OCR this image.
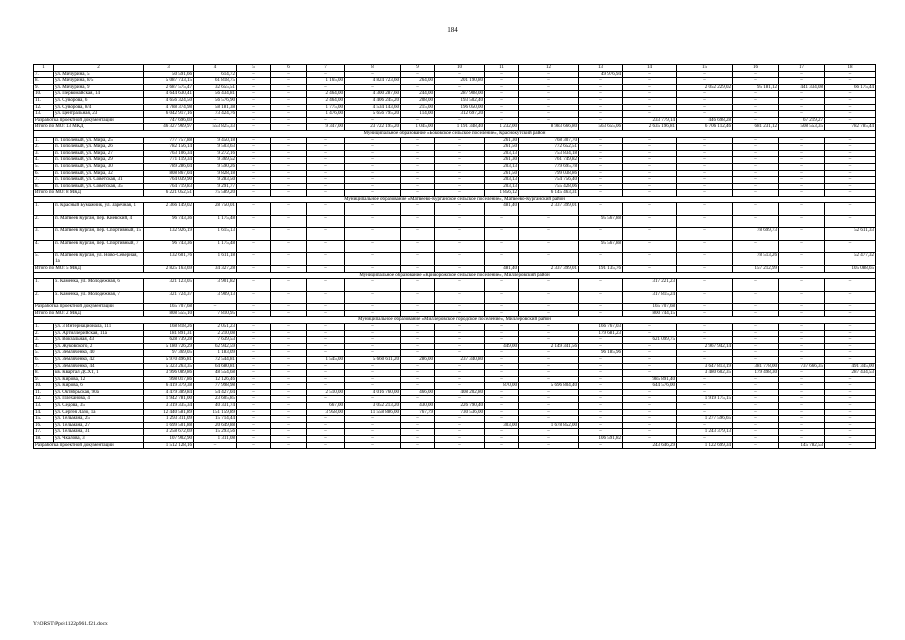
184
1	2	3	4	5	6	7	8	9	10	11	12	13	14	15	16	17	18
7.	ул. Мичурина, 5	50 591,66	614,72	–	–	–	–	–	–	–	–	49 976,94	–	–	–	–	–
8.	ул. Мичурина, 8/5	5 087 733,15	61 818,75	–	–	1 165,00	4 824 723,60	264,00	201 190,80	–	–	–	–	–	–	–	–
9.	ул. Мичурина, 9	2 687 575,47	32 655,51	–	–	–	–	–	–	–	–	–	–	2 052 229,02	95 181,12	441 334,08	66 175,44
10.	ул. Первомайская, 14	4 644 630,41	56 434,81	–	–	2 464,00	4 300 287,60	244,00	287 908,00	–	–	–	–	–	–	–	–
11.	ул. Суворова, 6	4 656 324,50	56 576,90	–	–	2 464,00	4 406 245,20	208,00	193 502,40	–	–	–	–	–	–	–	–
12.	ул. Суворова, 8/4	4 788 374,98	58 181,38	–	–	1 775,00	4 534 143,60	215,00	196 050,00	–	–	–	–	–	–	–	–
13.	ул. Центральная, 23	6 042 917,16	73 424,76	–	–	1 476,00	5 656 795,20	114,00	312 697,20	–	–	–	–	–	–	–	–
Разработка проектной документации		747 696,69	–	–	–	–	–	–	–	–	–	–	233 779,14	446 698,28	–	67 219,27	–
Итого по МО: 13 МКД		46 327 969,97	553 825,33	–	–	9 347,00	23 722 195,20	1 045,00	1 191 348,40	1 232,00	8 983 666,80	563 655,06	2 635 196,81	6 706 112,46	681 231,12	508 553,35	782 785,44
Муниципальное образование «Боковское сельское поселение», Краснокутский район																	
1.	п. Тополевый, ул. Мира, 25	777 757,88	9 450,18	–	–	–	–	–	–	261,30	768 307,70	–	–	–	–	–	–
2.	п. Тополевый, ул. Мира, 26	782 156,14	9 503,63	–	–	–	–	–	–	261,50	772 652,51	–	–	–	–	–	–
3.	п. Тополевый, ул. Мира, 27	763 106,34	9 272,16	–	–	–	–	–	–	203,13	753 834,18	–	–	–	–	–	–
4.	п. Тополевый, ул. Мира, 29	771 119,34	9 369,52	–	–	–	–	–	–	261,30	761 749,82	–	–	–	–	–	–
5.	п. Тополевый, ул. Мира, 30	789 286,04	9 590,26	–	–	–	–	–	–	203,13	779 695,78	–	–	–	–	–	–
6.	п. Тополевый, ул. Мира, 32	808 867,04	9 828,18	–	–	–	–	–	–	261,50	799 038,86	–	–	–	–	–	–
7.	п. Тополевый, ул. Советская, 31	764 039,90	9 283,50	–	–	–	–	–	–	203,13	754 756,40	–	–	–	–	–	–
8.	п. Тополевый, ул. Советская, 35	764 719,83	9 291,77	–	–	–	–	–	–	203,13	755 428,06	–	–	–	–	–	–
Итого по МО: 8 МКД		6 221 052,51	75 589,20	–	–	–	–	–	–	1 856,12	6 145 463,31	–	–	–	–	–	–
Муниципальное образование «Матвеево-Курганское сельское поселение», Матвеево-Курганский район																	
1.	п. Красный Бумажник, ул. Заречная, 1	2 366 149,02	28 750,01	–	–	–	–	–	–	481,40	2 337 399,01	–	–	–	–	–	–
2.	п. Матвеев Курган, пер. Киевский, 4	96 743,36	1 175,48	–	–	–	–	–	–	–	–	95 567,88	–	–	–	–	–
3.	п. Матвеев Курган, пер. Спортивный, 15	132 926,19	1 615,13	–	–	–	–	–	–	–	–	–	–	–	78 699,73	–	52 611,33
4.	п. Матвеев Курган, пер. Спортивный, 7	96 743,36	1 175,48	–	–	–	–	–	–	–	–	95 567,88	–	–	–	–	–
5.	п. Матвеев Курган, ул. Ново-Северная, 1а	132 601,76	1 611,18	–	–	–	–	–	–	–	–	–	–	–	78 513,26	–	52 477,32
Итого по МО: 5 МКД		2 825 163,69	34 327,28	–	–	–	–	–	–	481,40	2 337 399,01	191 135,76	–	–	157 212,99	–	105 088,65
Муниципальное образование «Криворожское сельское поселение», Миллеровский район																	
1.	х. Каменка, ул. Молодежная, 6	321 123,05	3 901,82	–	–	–	–	–	–	–	–	–	317 221,23	–	–	–	–
2.	х. Каменка, ул. Молодежная, 7	321 724,37	3 909,13	–	–	–	–	–	–	–	–	–	317 815,24	–	–	–	–
Разработка проектной документации		165 707,68	–	–	–	–	–	–	–	–	–	–	165 707,68	–	–	–	–
Итого по МО: 2 МКД		808 555,10	7 810,95	–	–	–	–	–	–	–	–	–	800 744,15	–	–	–	–
Муниципальное образование «Миллеровское городское поселение», Миллеровский район																	
1.	ул. 3 Интернационала, 111	168 818,26	2 051,23	–	–	–	–	–	–	–	–	166 767,03	–	–	–	–	–
2.	ул. Артиллерийская, 11а	181 891,31	2 210,08	–	–	–	–	–	–	–	–	179 681,23	–	–	–	–	–
3.	ул. Вокзальная, 43	628 739,28	7 639,53	–	–	–	–	–	–	–	–	–	621 099,75	–	–	–	–
4.	ул. Жуковского, 2	5 180 726,29	62 942,59	–	–	–	–	–	–	449,00	2 149 341,56	–	–	2 967 942,14	–	–	–
5.	ул. Земляченко, 40	97 369,05	1 183,09	–	–	–	–	–	–	–	–	96 185,96	–	–	–	–	–
6.	ул. Земляченко, 42	5 970 496,81	72 544,81	–	–	1 545,00	5 660 611,20	286,00	237 340,80	–	–	–	–	–	–	–	–
7.	ул. Земляченко, 44	5 323 263,35	64 680,81	–	–	–	–	–	–	–	–	–	–	3 647 813,19	381 778,00	737 666,35	491 345,00
8.	кв. Квартал ДСХТ, 1	3 996 089,86	48 554,68	–	–	–	–	–	–	–	–	–	–	3 480 602,35	179 498,30	–	287 434,53
9.	ул. Кирова, 12	998 017,86	12 126,46	–	–	–	–	–	–	–	–	–	985 891,40	–	–	–	–
10.	ул. Кирова, 6	6 419 379,38	77 998,98	–	–	–	–	–	–	870,00	5 696 804,40	–	644 576,00	–	–	–	–
11.	ул. Октябрьская, 90а	4 479 389,84	54 427,04	–	–	2 510,00	4 016 760,00	466,00	408 202,80	–	–	–	–	–	–	–	–
12.	ул. Плеханова, 4	1 942 781,00	23 605,85	–	–	–	–	–	–	–	–	–	–	1 919 175,15	–	–	–
13.	ул. Седова, 35	3 319 335,34	40 331,74	–	–	667,00	3 052 213,20	430,00	226 790,40	–	–	–	–	–	–	–	–
14.	ул. Сергея Лазо, 1а	12 440 581,89	151 159,89	–	–	3 958,00	11 558 886,00	767,79	730 536,00	–	–	–	–	–	–	–	–
15.	ул. Тельмана, 25	1 293 311,09	15 714,44	–	–	–	–	–	–	–	–	–	–	1 277 596,65	–	–	–
16.	ул. Тельмана, 27	1 699 501,88	20 649,88	–	–	–	–	–	–	303,00	1 678 852,00	–	–	–	–	–	–
17.	ул. Тельмана, 31	3 258 672,69	15 293,56	–	–	–	–	–	–	–	–	–	–	1 243 379,13	–	–	–
18.	ул. Чкалова, 3	107 902,90	1 311,08	–	–	–	–	–	–	–	–	106 591,82	–	–	–	–	–
Разработка проектной документации		1 512 128,16	–	–	–	–	–	–	–	–	–	–	243 646,29	1 122 699,34	–	145 782,53	–
Y:\ORST\Ppo\1122p961.f21.docx
